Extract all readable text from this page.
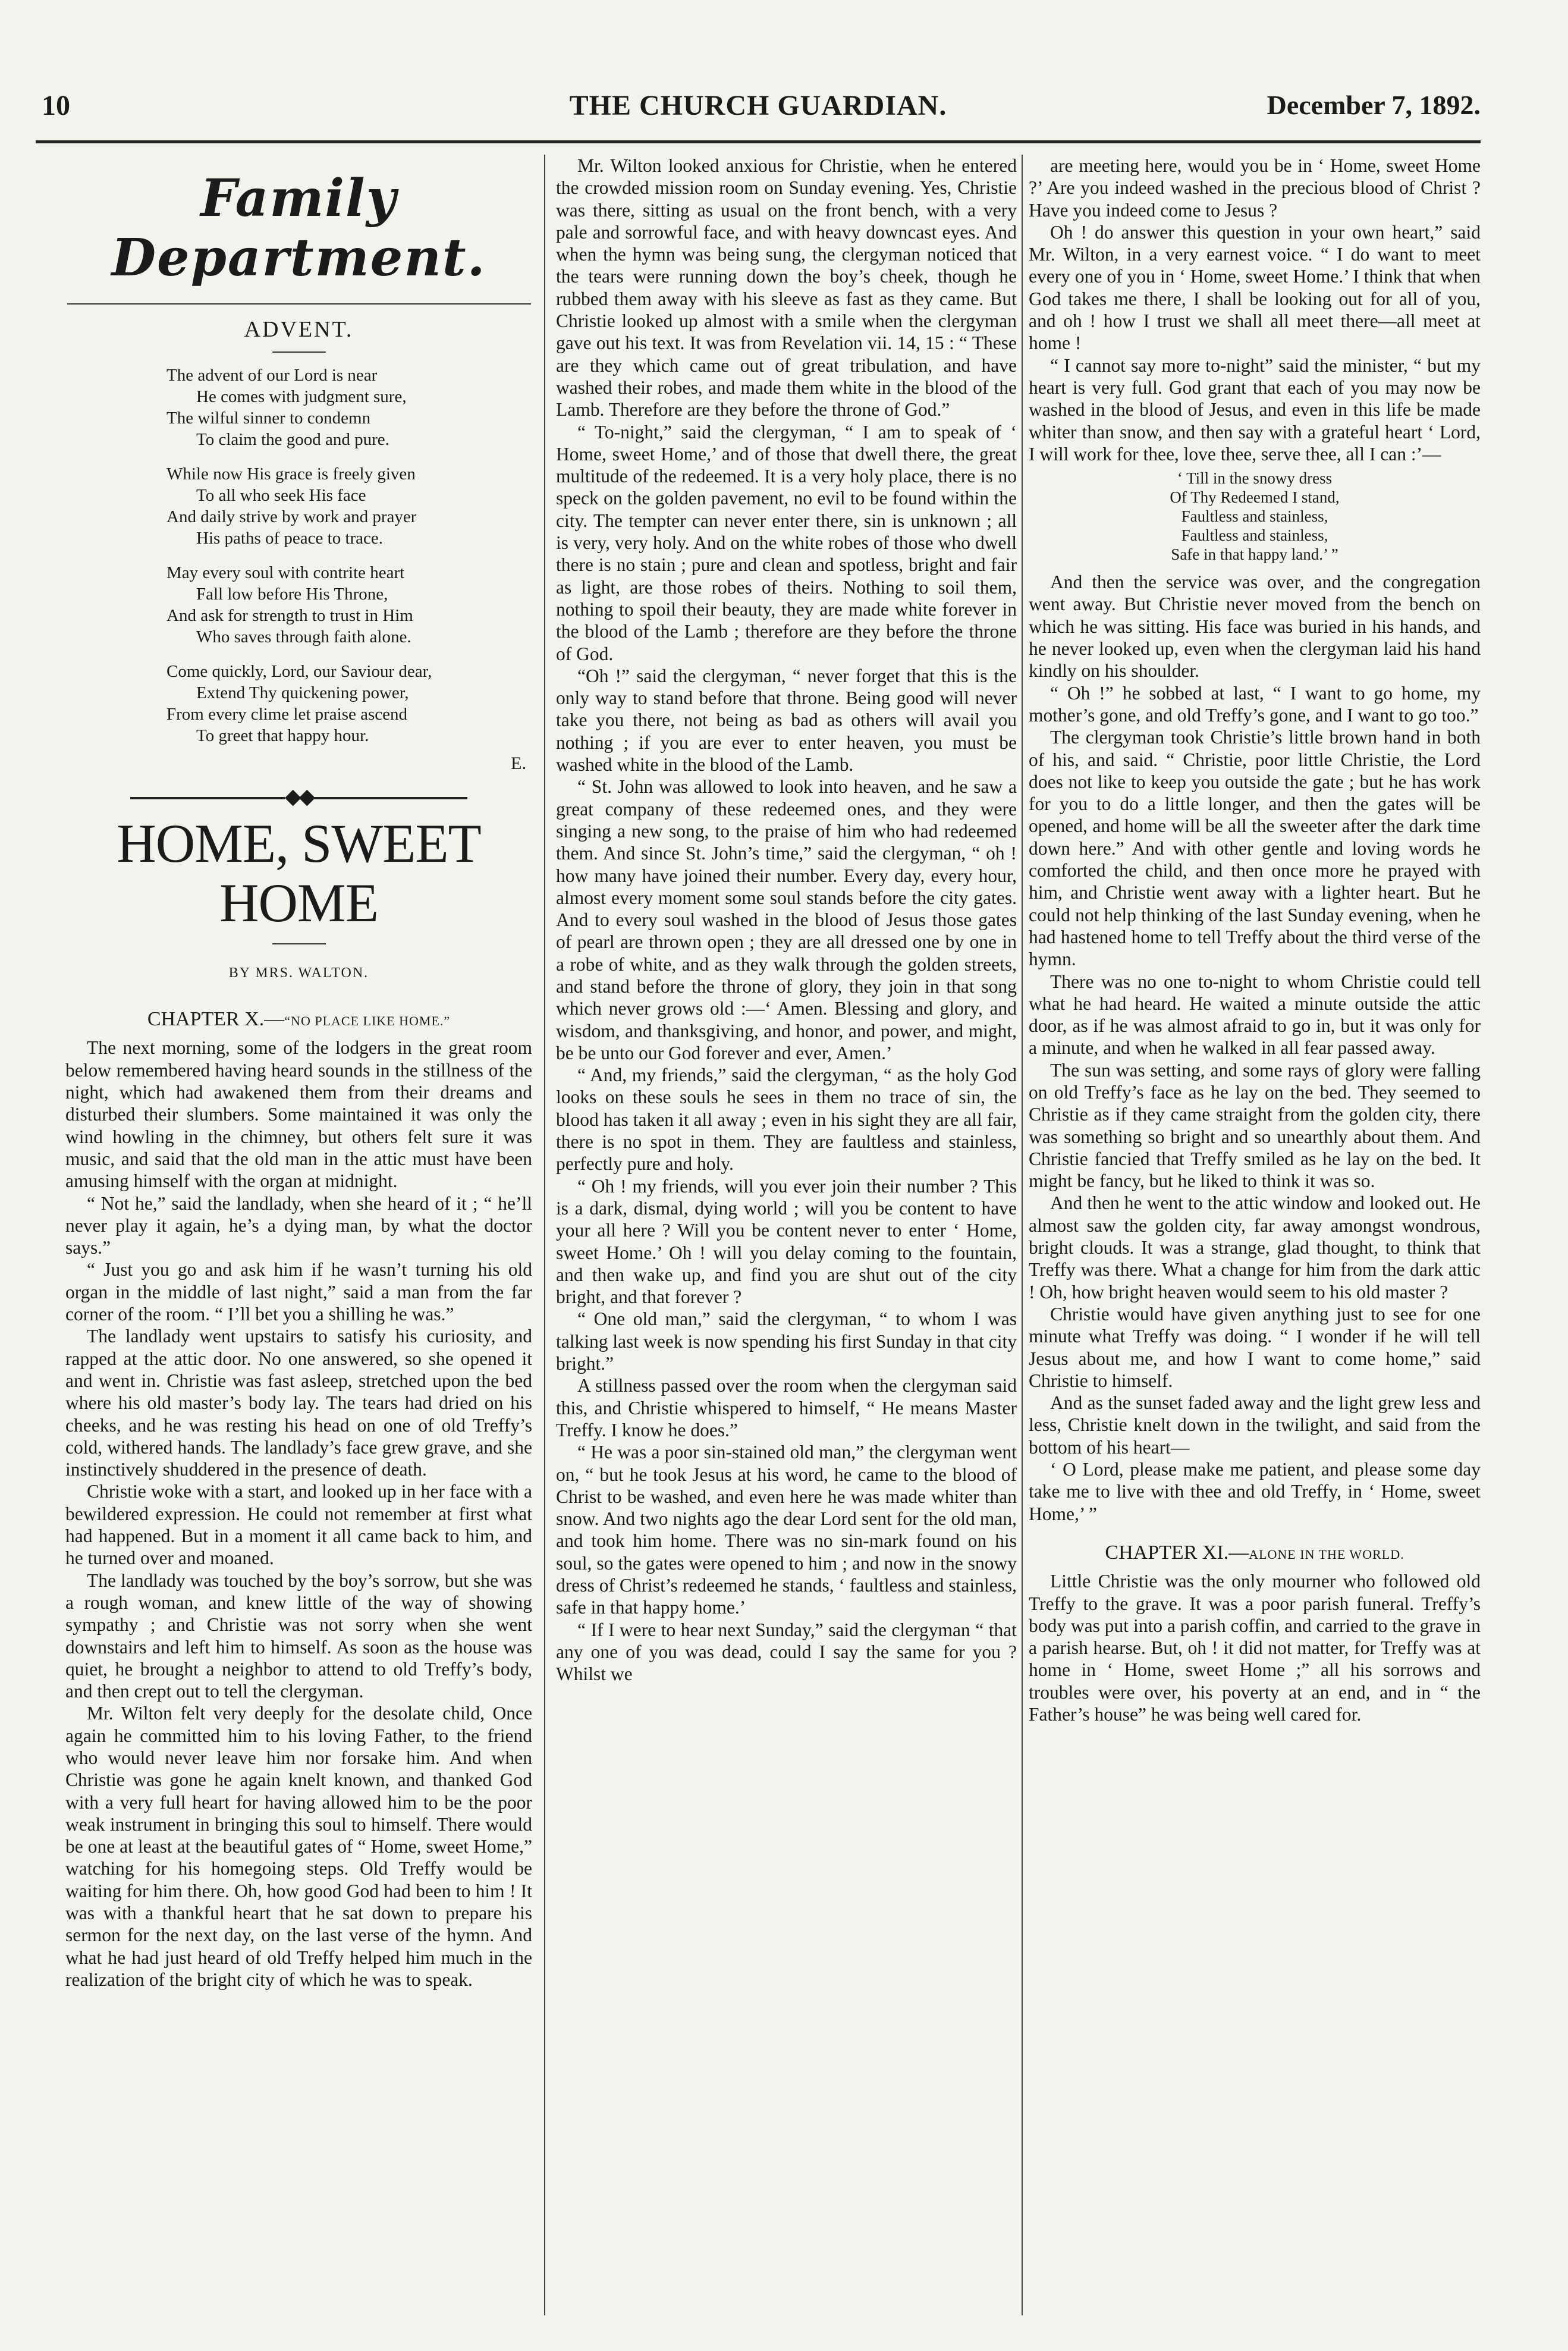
10	THE CHURCH GUARDIAN.	December 7, 1892.
Family Department.
ADVENT.
The advent of our Lord is near
He comes with judgment sure,
The wilful sinner to condemn
To claim the good and pure.
While now His grace is freely given
To all who seek His face
And daily strive by work and prayer
His paths of peace to trace.
May every soul with contrite heart
Fall low before His Throne,
And ask for strength to trust in Him
Who saves through faith alone.
Come quickly, Lord, our Saviour dear,
Extend Thy quickening power,
From every clime let praise ascend
To greet that happy hour.
E.
◆◆
HOME, SWEET HOME
BY MRS. WALTON.
CHAPTER X.—“NO PLACE LIKE HOME.”

The next morning, some of the lodgers in the great room below remembered having heard sounds in the stillness of the night, which had awakened them from their dreams and disturbed their slumbers. Some maintained it was only the wind howling in the chimney, but others felt sure it was music, and said that the old man in the attic must have been amusing himself with the organ at midnight.

“ Not he,” said the landlady, when she heard of it ; “ he’ll never play it again, he’s a dying man, by what the doctor says.”

“ Just you go and ask him if he wasn’t turning his old organ in the middle of last night,” said a man from the far corner of the room. “ I’ll bet you a shilling he was.”

The landlady went upstairs to satisfy his curiosity, and rapped at the attic door. No one answered, so she opened it and went in. Christie was fast asleep, stretched upon the bed where his old master’s body lay. The tears had dried on his cheeks, and he was resting his head on one of old Treffy’s cold, withered hands. The landlady’s face grew grave, and she instinctively shuddered in the presence of death.

Christie woke with a start, and looked up in her face with a bewildered expression. He could not remember at first what had happened. But in a moment it all came back to him, and he turned over and moaned.

The landlady was touched by the boy’s sorrow, but she was a rough woman, and knew little of the way of showing sympathy ; and Christie was not sorry when she went downstairs and left him to himself. As soon as the house was quiet, he brought a neighbor to attend to old Treffy’s body, and then crept out to tell the clergyman.

Mr. Wilton felt very deeply for the desolate child, Once again he committed him to his loving Father, to the friend who would never leave him nor forsake him. And when Christie was gone he again knelt known, and thanked God with a very full heart for having allowed him to be the poor weak instrument in bringing this soul to himself. There would be one at least at the beautiful gates of “ Home, sweet Home,” watching for his homegoing steps. Old Treffy would be waiting for him there. Oh, how good God had been to him ! It was with a thankful heart that he sat down to prepare his sermon for the next day, on the last verse of the hymn. And what he had just heard of old Treffy helped him much in the realization of the bright city of which he was to speak.

Mr. Wilton looked anxious for Christie, when he entered the crowded mission room on Sunday evening. Yes, Christie was there, sitting as usual on the front bench, with a very pale and sorrowful face, and with heavy downcast eyes. And when the hymn was being sung, the clergyman noticed that the tears were running down the boy’s cheek, though he rubbed them away with his sleeve as fast as they came. But Christie looked up almost with a smile when the clergyman gave out his text. It was from Revelation vii. 14, 15 : “ These are they which came out of great tribulation, and have washed their robes, and made them white in the blood of the Lamb. Therefore are they before the throne of God.”

“ To-night,” said the clergyman, “ I am to speak of ‘ Home, sweet Home,’ and of those that dwell there, the great multitude of the redeemed. It is a very holy place, there is no speck on the golden pavement, no evil to be found within the city. The tempter can never enter there, sin is unknown ; all is very, very holy. And on the white robes of those who dwell there is no stain ; pure and clean and spotless, bright and fair as light, are those robes of theirs. Nothing to soil them, nothing to spoil their beauty, they are made white forever in the blood of the Lamb ; therefore are they before the throne of God.

“Oh !” said the clergyman, “ never forget that this is the only way to stand before that throne. Being good will never take you there, not being as bad as others will avail you nothing ; if you are ever to enter heaven, you must be washed white in the blood of the Lamb.

“ St. John was allowed to look into heaven, and he saw a great company of these redeemed ones, and they were singing a new song, to the praise of him who had redeemed them. And since St. John’s time,” said the clergyman, “ oh ! how many have joined their number. Every day, every hour, almost every moment some soul stands before the city gates. And to every soul washed in the blood of Jesus those gates of pearl are thrown open ; they are all dressed one by one in a robe of white, and as they walk through the golden streets, and stand before the throne of glory, they join in that song which never grows old :—‘ Amen. Blessing and glory, and wisdom, and thanksgiving, and honor, and power, and might, be be unto our God forever and ever, Amen.’

“ And, my friends,” said the clergyman, “ as the holy God looks on these souls he sees in them no trace of sin, the blood has taken it all away ; even in his sight they are all fair, there is no spot in them. They are faultless and stainless, perfectly pure and holy.

“ Oh ! my friends, will you ever join their number ? This is a dark, dismal, dying world ; will you be content to have your all here ? Will you be content never to enter ‘ Home, sweet Home.’ Oh ! will you delay coming to the fountain, and then wake up, and find you are shut out of the city bright, and that forever ?

“ One old man,” said the clergyman, “ to whom I was talking last week is now spending his first Sunday in that city bright.”

A stillness passed over the room when the clergyman said this, and Christie whispered to himself, “ He means Master Treffy. I know he does.”

“ He was a poor sin-stained old man,” the clergyman went on, “ but he took Jesus at his word, he came to the blood of Christ to be washed, and even here he was made whiter than snow. And two nights ago the dear Lord sent for the old man, and took him home. There was no sin-mark found on his soul, so the gates were opened to him ; and now in the snowy dress of Christ’s redeemed he stands, ‘ faultless and stainless, safe in that happy home.’

“ If I were to hear next Sunday,” said the clergyman “ that any one of you was dead, could I say the same for you ? Whilst we

are meeting here, would you be in ‘ Home, sweet Home ?’ Are you indeed washed in the precious blood of Christ ? Have you indeed come to Jesus ?

Oh ! do answer this question in your own heart,” said Mr. Wilton, in a very earnest voice. “ I do want to meet every one of you in ‘ Home, sweet Home.’ I think that when God takes me there, I shall be looking out for all of you, and oh ! how I trust we shall all meet there—all meet at home !

“ I cannot say more to-night” said the minister, “ but my heart is very full. God grant that each of you may now be washed in the blood of Jesus, and even in this life be made whiter than snow, and then say with a grateful heart ‘ Lord, I will work for thee, love thee, serve thee, all I can :’—

‘ Till in the snowy dress
Of Thy Redeemed I stand,
Faultless and stainless,
Faultless and stainless,
Safe in that happy land.’ ”

And then the service was over, and the congregation went away. But Christie never moved from the bench on which he was sitting. His face was buried in his hands, and he never looked up, even when the clergyman laid his hand kindly on his shoulder.

“ Oh !” he sobbed at last, “ I want to go home, my mother’s gone, and old Treffy’s gone, and I want to go too.”

The clergyman took Christie’s little brown hand in both of his, and said. “ Christie, poor little Christie, the Lord does not like to keep you outside the gate ; but he has work for you to do a little longer, and then the gates will be opened, and home will be all the sweeter after the dark time down here.” And with other gentle and loving words he comforted the child, and then once more he prayed with him, and Christie went away with a lighter heart. But he could not help thinking of the last Sunday evening, when he had hastened home to tell Treffy about the third verse of the hymn.

There was no one to-night to whom Christie could tell what he had heard. He waited a minute outside the attic door, as if he was almost afraid to go in, but it was only for a minute, and when he walked in all fear passed away.

The sun was setting, and some rays of glory were falling on old Treffy’s face as he lay on the bed. They seemed to Christie as if they came straight from the golden city, there was something so bright and so unearthly about them. And Christie fancied that Treffy smiled as he lay on the bed. It might be fancy, but he liked to think it was so.

And then he went to the attic window and looked out. He almost saw the golden city, far away amongst wondrous, bright clouds. It was a strange, glad thought, to think that Treffy was there. What a change for him from the dark attic ! Oh, how bright heaven would seem to his old master ?

Christie would have given anything just to see for one minute what Treffy was doing. “ I wonder if he will tell Jesus about me, and how I want to come home,” said Christie to himself.

And as the sunset faded away and the light grew less and less, Christie knelt down in the twilight, and said from the bottom of his heart—

‘ O Lord, please make me patient, and please some day take me to live with thee and old Treffy, in ‘ Home, sweet Home,’ ”

CHAPTER XI.—ALONE IN THE WORLD.

Little Christie was the only mourner who followed old Treffy to the grave. It was a poor parish funeral. Treffy’s body was put into a parish coffin, and carried to the grave in a parish hearse. But, oh ! it did not matter, for Treffy was at home in ‘ Home, sweet Home ;” all his sorrows and troubles were over, his poverty at an end, and in “ the Father’s house” he was being well cared for.
